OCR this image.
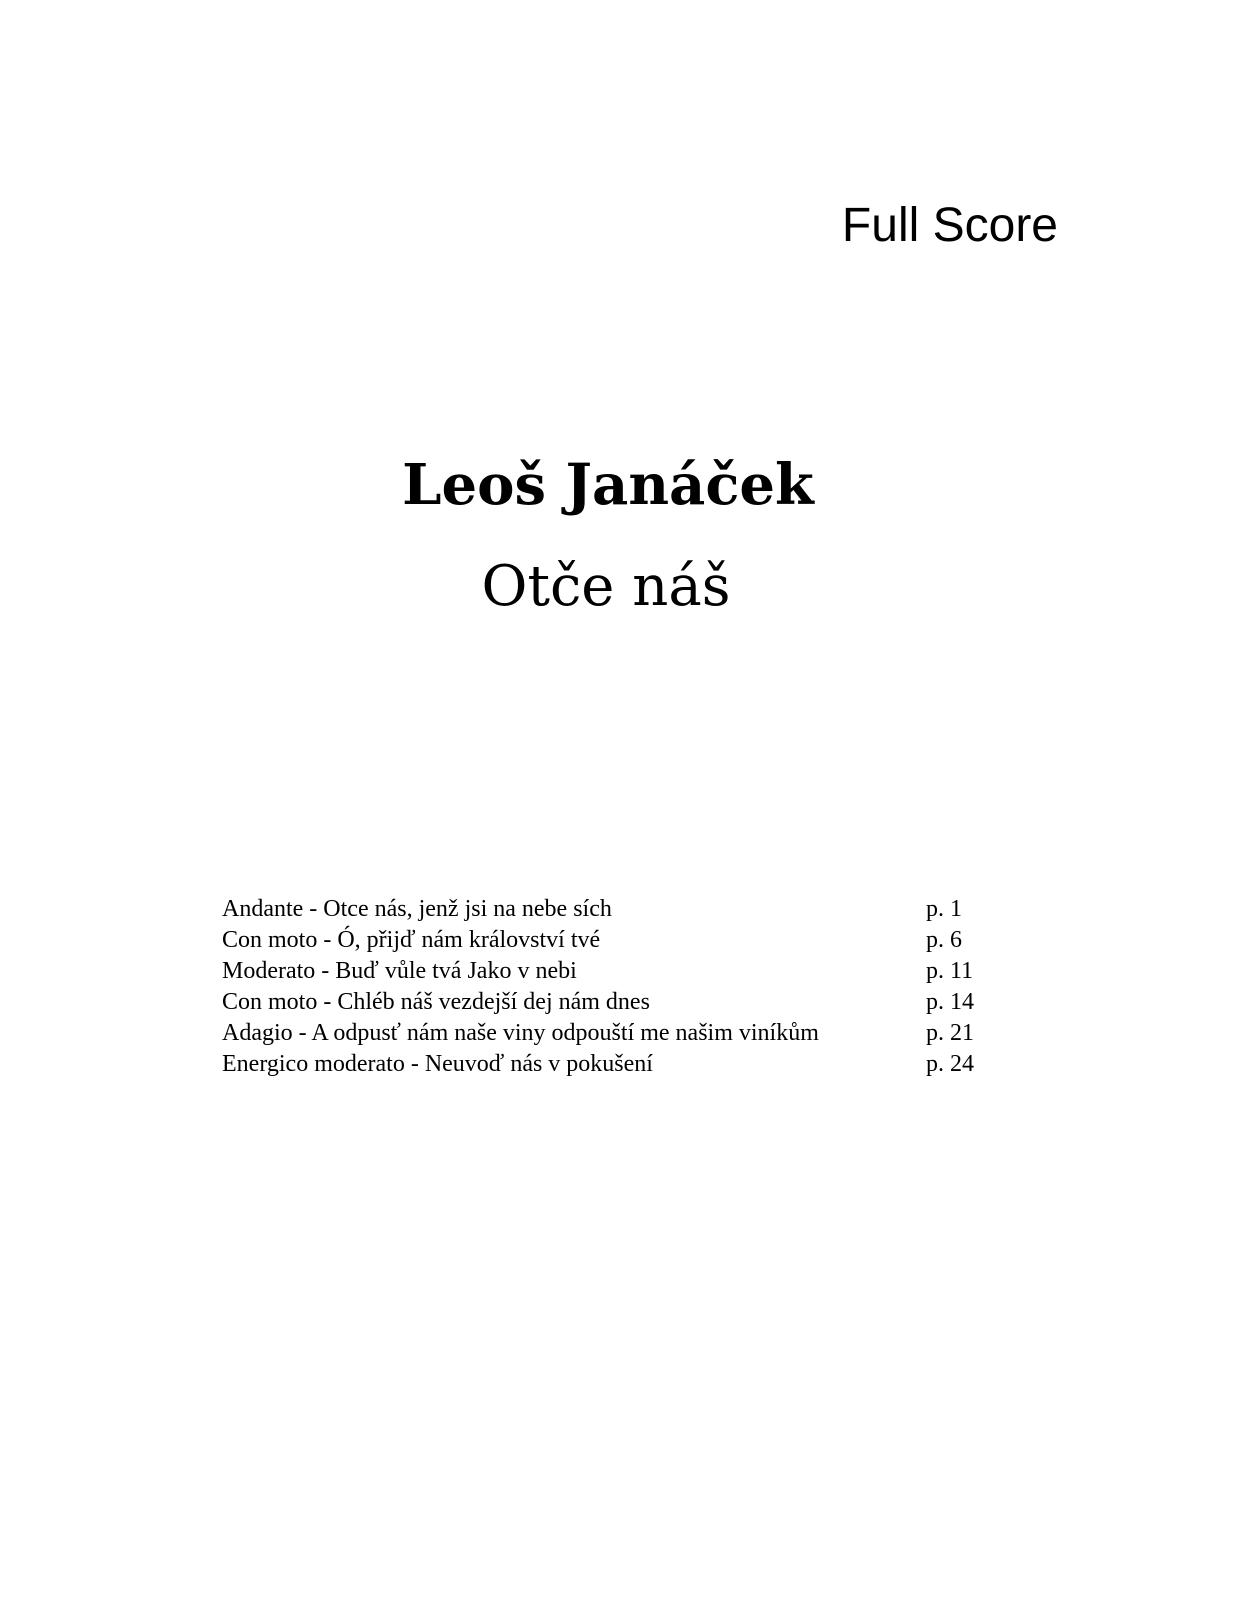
Full Score
Leoš Janáček
Otče náš
Andante - Otce nás, jenž jsi na nebe sích	p. 1
Con moto - Ó, přijď nám království tvé	p. 6
Moderato - Buď vůle tvá Jako v nebi	p. 11
Con moto - Chléb náš vezdejší dej nám dnes	p. 14
Adagio - A odpusť nám naše viny odpouští me našim viníkům	p. 21
Energico moderato - Neuvoď nás v pokušení	p. 24
